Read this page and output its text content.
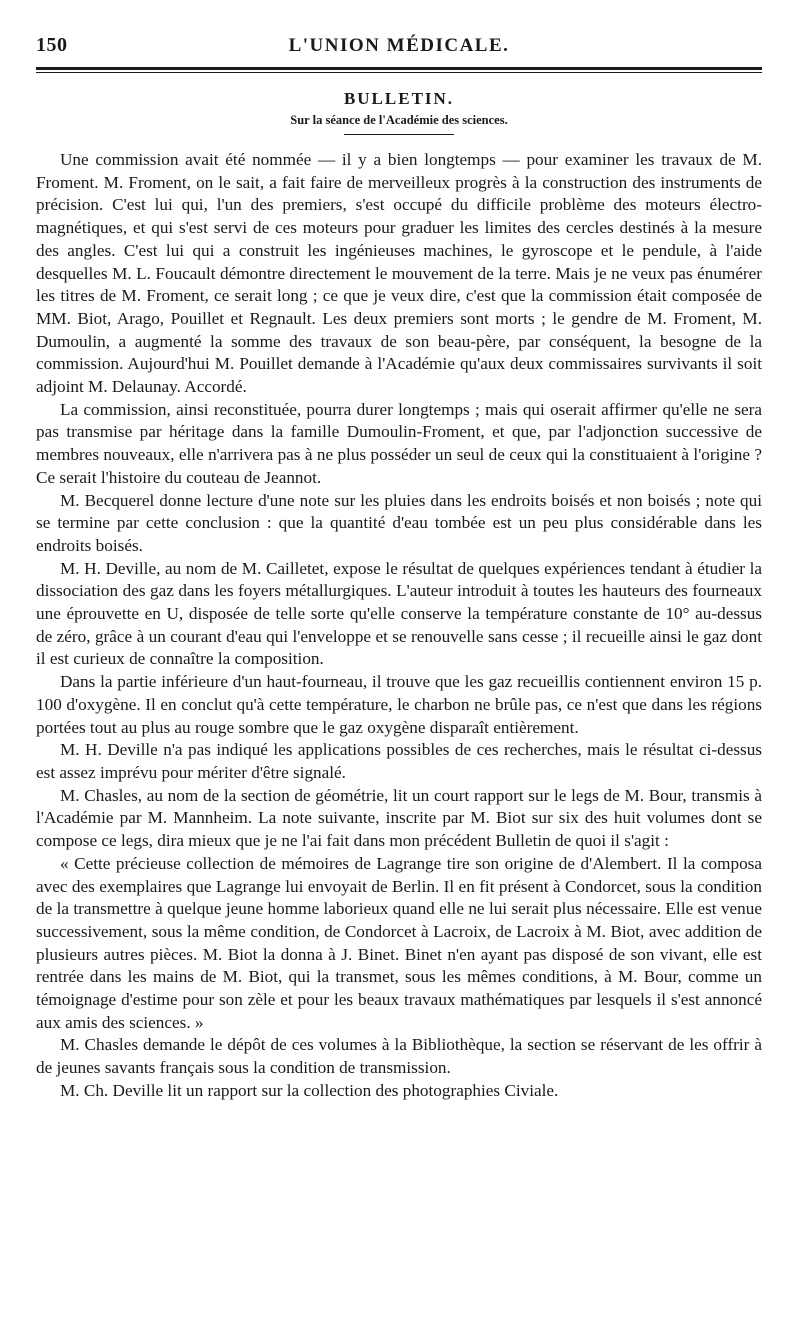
150	L'UNION MÉDICALE.
BULLETIN.
Sur la séance de l'Académie des sciences.

Une commission avait été nommée — il y a bien longtemps — pour examiner les travaux de M. Froment. M. Froment, on le sait, a fait faire de merveilleux progrès à la construction des instruments de précision. C'est lui qui, l'un des premiers, s'est occupé du difficile problème des moteurs électro-magnétiques, et qui s'est servi de ces moteurs pour graduer les limites des cercles destinés à la mesure des angles. C'est lui qui a construit les ingénieuses machines, le gyroscope et le pendule, à l'aide desquelles M. L. Foucault démontre directement le mouvement de la terre. Mais je ne veux pas énumérer les titres de M. Froment, ce serait long ; ce que je veux dire, c'est que la commission était composée de MM. Biot, Arago, Pouillet et Regnault. Les deux premiers sont morts ; le gendre de M. Froment, M. Dumoulin, a augmenté la somme des travaux de son beau-père, par conséquent, la besogne de la commission. Aujourd'hui M. Pouillet demande à l'Académie qu'aux deux commissaires survivants il soit adjoint M. Delaunay. Accordé.

La commission, ainsi reconstituée, pourra durer longtemps ; mais qui oserait affirmer qu'elle ne sera pas transmise par héritage dans la famille Dumoulin-Froment, et que, par l'adjonction successive de membres nouveaux, elle n'arrivera pas à ne plus posséder un seul de ceux qui la constituaient à l'origine ? Ce serait l'histoire du couteau de Jeannot.

M. Becquerel donne lecture d'une note sur les pluies dans les endroits boisés et non boisés ; note qui se termine par cette conclusion : que la quantité d'eau tombée est un peu plus considérable dans les endroits boisés.

M. H. Deville, au nom de M. Cailletet, expose le résultat de quelques expériences tendant à étudier la dissociation des gaz dans les foyers métallurgiques. L'auteur introduit à toutes les hauteurs des fourneaux une éprouvette en U, disposée de telle sorte qu'elle conserve la température constante de 10° au-dessus de zéro, grâce à un courant d'eau qui l'enveloppe et se renouvelle sans cesse ; il recueille ainsi le gaz dont il est curieux de connaître la composition.

Dans la partie inférieure d'un haut-fourneau, il trouve que les gaz recueillis contiennent environ 15 p. 100 d'oxygène. Il en conclut qu'à cette température, le charbon ne brûle pas, ce n'est que dans les régions portées tout au plus au rouge sombre que le gaz oxygène disparaît entièrement.

M. H. Deville n'a pas indiqué les applications possibles de ces recherches, mais le résultat ci-dessus est assez imprévu pour mériter d'être signalé.

M. Chasles, au nom de la section de géométrie, lit un court rapport sur le legs de M. Bour, transmis à l'Académie par M. Mannheim. La note suivante, inscrite par M. Biot sur six des huit volumes dont se compose ce legs, dira mieux que je ne l'ai fait dans mon précédent Bulletin de quoi il s'agit :

« Cette précieuse collection de mémoires de Lagrange tire son origine de d'Alembert. Il la composa avec des exemplaires que Lagrange lui envoyait de Berlin. Il en fit présent à Condorcet, sous la condition de la transmettre à quelque jeune homme laborieux quand elle ne lui serait plus nécessaire. Elle est venue successivement, sous la même condition, de Condorcet à Lacroix, de Lacroix à M. Biot, avec addition de plusieurs autres pièces. M. Biot la donna à J. Binet. Binet n'en ayant pas disposé de son vivant, elle est rentrée dans les mains de M. Biot, qui la transmet, sous les mêmes conditions, à M. Bour, comme un témoignage d'estime pour son zèle et pour les beaux travaux mathématiques par lesquels il s'est annoncé aux amis des sciences. »

M. Chasles demande le dépôt de ces volumes à la Bibliothèque, la section se réservant de les offrir à de jeunes savants français sous la condition de transmission.

M. Ch. Deville lit un rapport sur la collection des photographies Civiale.
